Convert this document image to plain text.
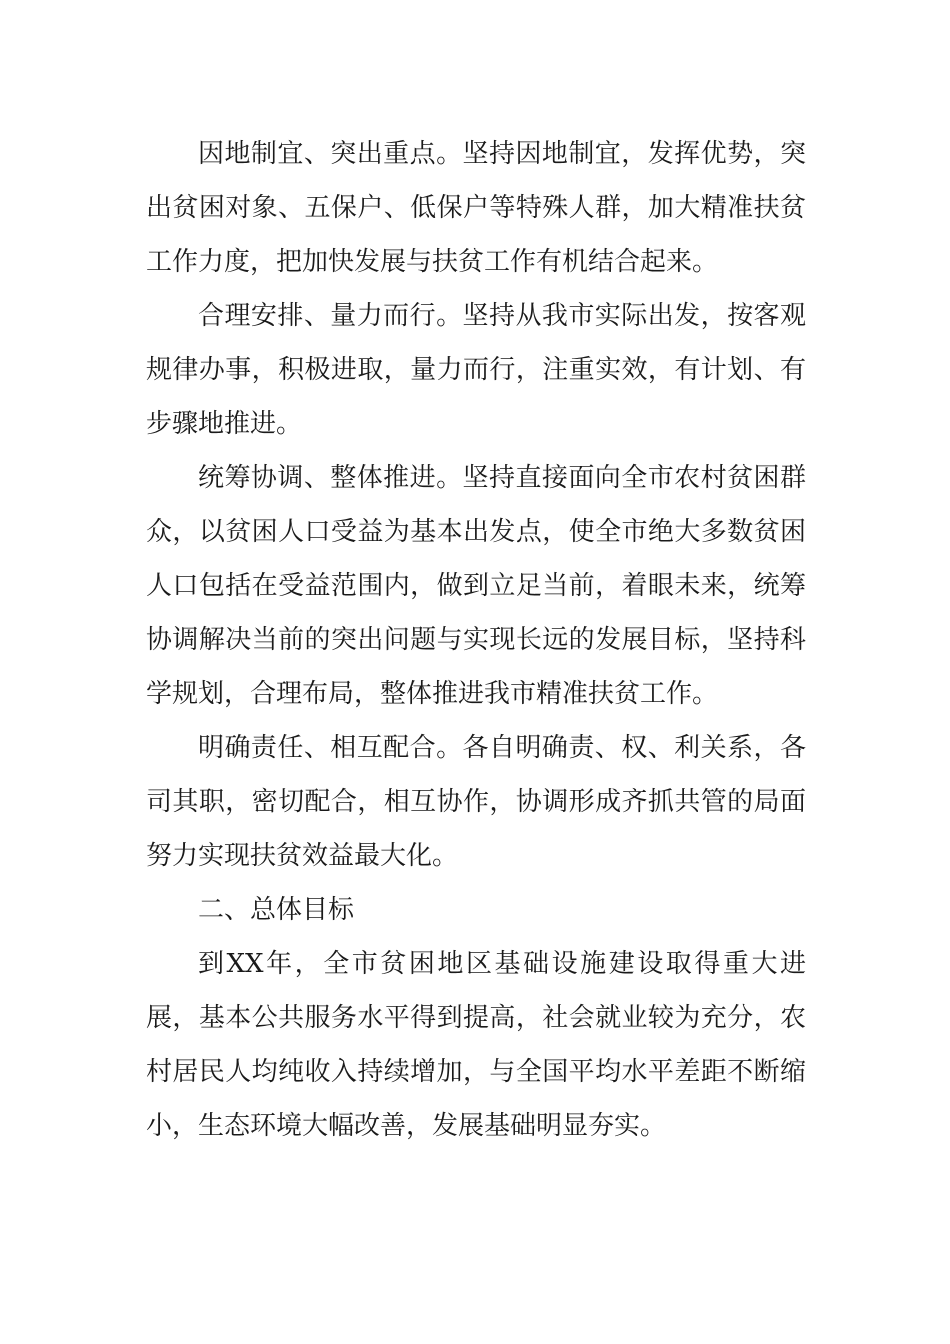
因地制宜、突出重点。坚持因地制宜，发挥优势，突出贫困对象、五保户、低保户等特殊人群，加大精准扶贫工作力度，把加快发展与扶贫工作有机结合起来。

合理安排、量力而行。坚持从我市实际出发，按客观规律办事，积极进取，量力而行，注重实效，有计划、有步骤地推进。

统筹协调、整体推进。坚持直接面向全市农村贫困群众，以贫困人口受益为基本出发点，使全市绝大多数贫困人口包括在受益范围内，做到立足当前，着眼未来，统筹协调解决当前的突出问题与实现长远的发展目标，坚持科学规划，合理布局，整体推进我市精准扶贫工作。

明确责任、相互配合。各自明确责、权、利关系，各司其职，密切配合，相互协作，协调形成齐抓共管的局面努力实现扶贫效益最大化。

二、总体目标

到XX年，全市贫困地区基础设施建设取得重大进展，基本公共服务水平得到提高，社会就业较为充分，农村居民人均纯收入持续增加，与全国平均水平差距不断缩小，生态环境大幅改善，发展基础明显夯实。
